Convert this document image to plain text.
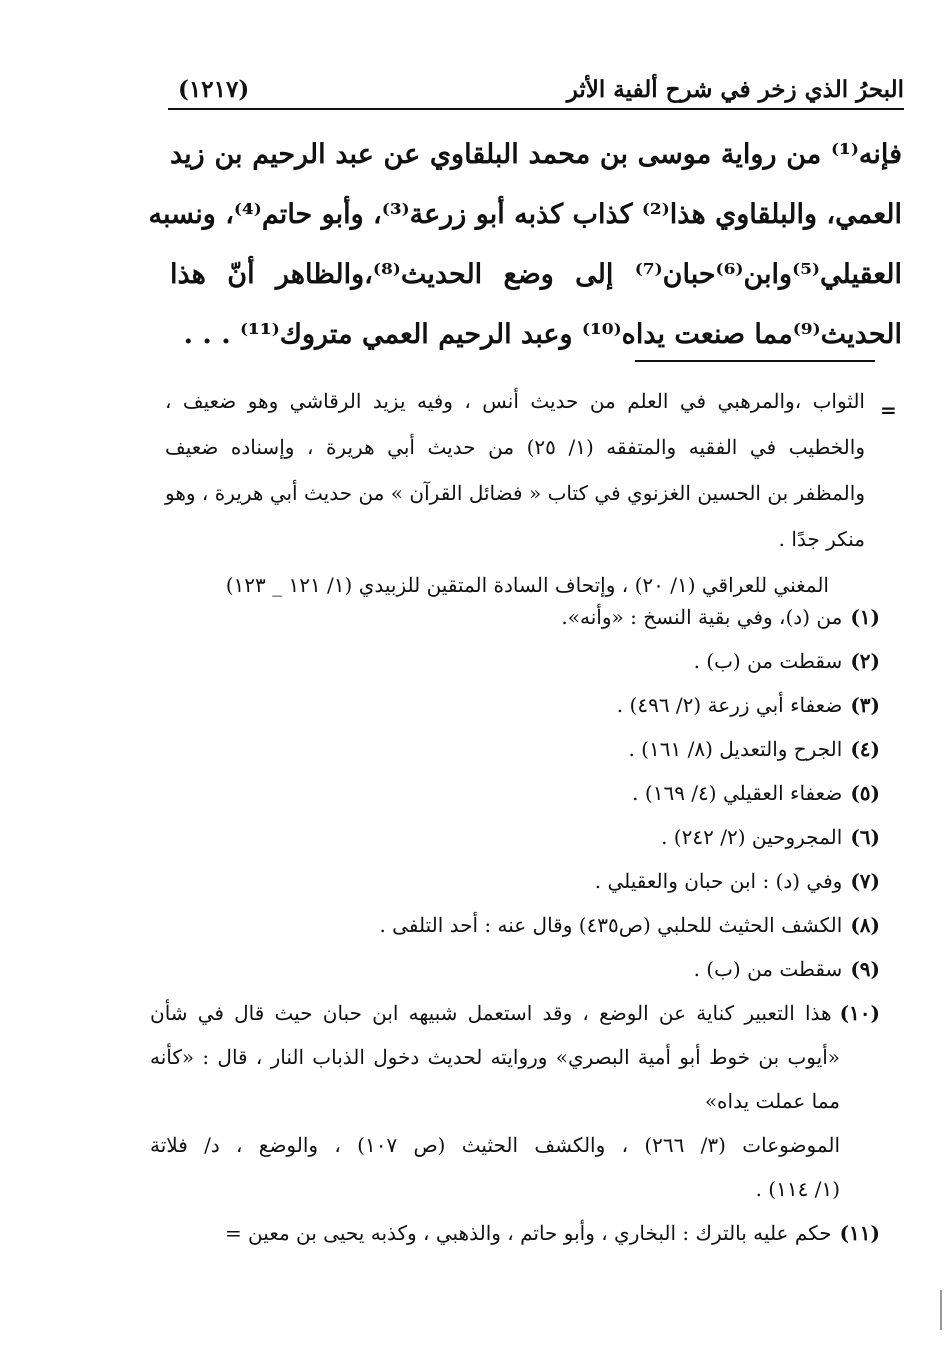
البحرُ الذي زخر في شرح ألفية الأثر
(١٢١٧)
فإنه⁽¹⁾ من رواية موسى بن محمد البلقاوي عن عبد الرحيم بن زيد
العمي، والبلقاوي هذا⁽²⁾ كذاب كذبه أبو زرعة⁽³⁾، وأبو حاتم⁽⁴⁾، ونسبه
العقيلي⁽⁵⁾وابن⁽⁶⁾حبان⁽⁷⁾ إلى وضع الحديث⁽⁸⁾،والظاهر أنّ هذا
الحديث⁽⁹⁾مما صنعت يداه⁽¹⁰⁾ وعبد الرحيم العمي متروك⁽¹¹⁾ . . .
=
الثواب ،والمرهبي في العلم من حديث أنس ، وفيه يزيد الرقاشي وهو ضعيف ،
والخطيب في الفقيه والمتفقه (١/ ٢٥) من حديث أبي هريرة ، وإسناده ضعيف
والمظفر بن الحسين الغزنوي في كتاب « فضائل القرآن » من حديث أبي هريرة ، وهو
منكر جدًا .
المغني للعراقي (١/ ٢٠) ، وإتحاف السادة المتقين للزبيدي (١/ ١٢١ _ ١٢٣)
(١)من (د)، وفي بقية النسخ : «وأنه».
(٢)سقطت من (ب) .
(٣)ضعفاء أبي زرعة (٢/ ٤٩٦) .
(٤)الجرح والتعديل (٨/ ١٦١) .
(٥)ضعفاء العقيلي (٤/ ١٦٩) .
(٦)المجروحين (٢/ ٢٤٢) .
(٧)وفي (د) : ابن حبان والعقيلي .
(٨)الكشف الحثيث للحلبي (ص٤٣٥) وقال عنه : أحد التلفى .
(٩)سقطت من (ب) .
(١٠)هذا التعبير كناية عن الوضع ، وقد استعمل شبيهه ابن حبان حيث قال في شأن
«أيوب بن خوط أبو أمية البصري» وروايته لحديث دخول الذباب النار ، قال : «كأنه
مما عملت يداه»
الموضوعات (٣/ ٢٦٦) ، والكشف الحثيث (ص ١٠٧) ، والوضع ، د/ فلاتة
(١/ ١١٤) .
(١١)حكم عليه بالترك : البخاري ، وأبو حاتم ، والذهبي ، وكذبه يحيى بن معين =
